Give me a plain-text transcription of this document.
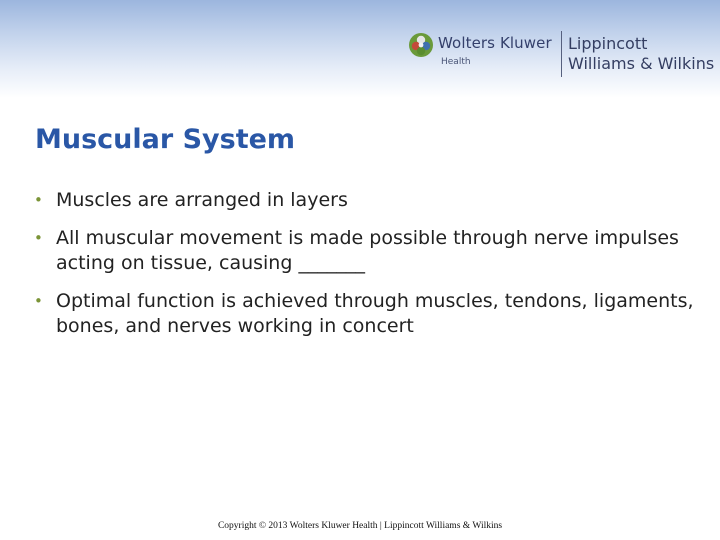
Wolters Kluwer
Health
Lippincott
Williams & Wilkins
Muscular System
• Muscles are arranged in layers
• All muscular movement is made possible through nerve impulses acting on tissue, causing _______
• Optimal function is achieved through muscles, tendons, ligaments, bones, and nerves working in concert
Copyright © 2013 Wolters Kluwer Health | Lippincott Williams & Wilkins
